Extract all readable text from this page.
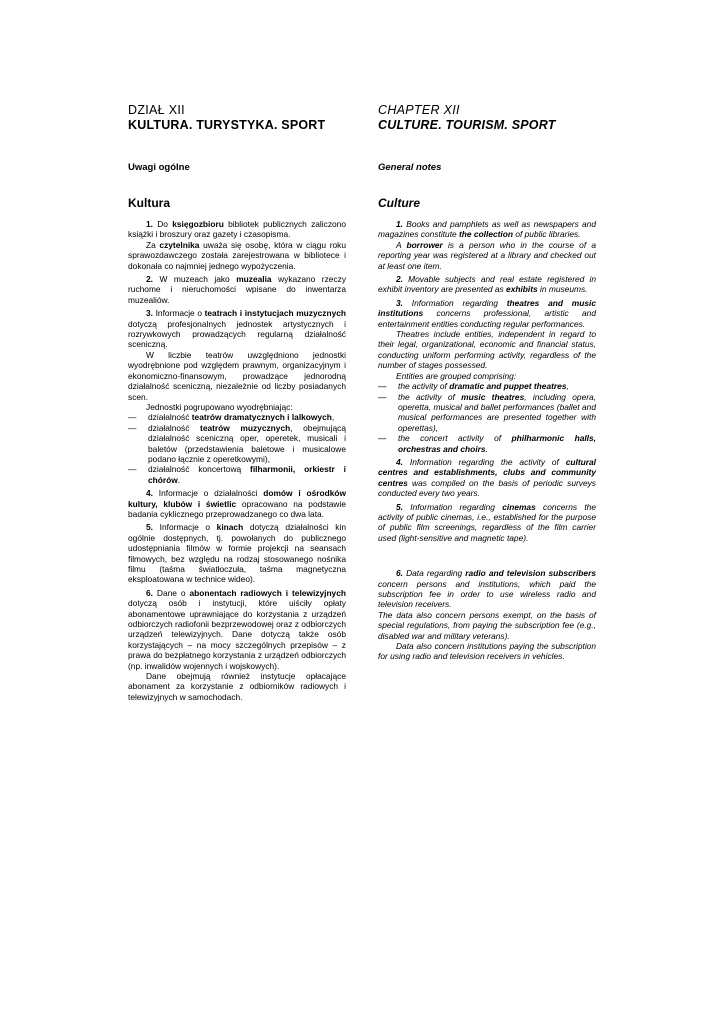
DZIAŁ XII
KULTURA. TURYSTYKA. SPORT
Uwagi ogólne
Kultura

1. Do księgozbioru bibliotek publicznych zaliczono książki i broszury oraz gazety i czasopisma.

Za czytelnika uważa się osobę, która w ciągu roku sprawozdawczego została zarejestrowana w bibliotece i dokonała co najmniej jednego wypożyczenia.

2. W muzeach jako muzealia wykazano rzeczy ruchome i nieruchomości wpisane do inwentarza muzealiów.

3. Informacje o teatrach i instytucjach muzycznych dotyczą profesjonalnych jednostek artystycznych i rozrywkowych prowadzących regularną działalność sceniczną.

W liczbie teatrów uwzględniono jednostki wyodrębnione pod względem prawnym, organizacyjnym i ekonomiczno-finansowym, prowadzące jednorodną działalność sceniczną, niezależnie od liczby posiadanych scen.

Jednostki pogrupowano wyodrębniając:

— działalność teatrów dramatycznych i lalkowych,
— działalność teatrów muzycznych, obejmującą działalność sceniczną oper, operetek, musicali i baletów (przedstawienia baletowe i musicalowe podano łącznie z operetkowymi),
— działalność koncertową filharmonii, orkiestr i chórów.

4. Informacje o działalności domów i ośrodków kultury, klubów i świetlic opracowano na podstawie badania cyklicznego przeprowadzanego co dwa lata.

5. Informacje o kinach dotyczą działalności kin ogólnie dostępnych, tj. powołanych do publicznego udostępniania filmów w formie projekcji na seansach filmowych, bez względu na rodzaj stosowanego nośnika filmu (taśma światłoczuła, taśma magnetyczna eksploatowana w technice wideo).

6. Dane o abonentach radiowych i telewizyjnych dotyczą osób i instytucji, które uiściły opłaty abonamentowe uprawniające do korzystania z urządzeń odbiorczych radiofonii bezprzewodowej oraz z odbiorczych urządzeń telewizyjnych. Dane dotyczą także osób korzystających – na mocy szczególnych przepisów – z prawa do bezpłatnego korzystania z urządzeń odbiorczych (np. inwalidów wojennych i wojskowych).

Dane obejmują również instytucje opłacające abonament za korzystanie z odbiorników radiowych i telewizyjnych w samochodach.

CHAPTER XII
CULTURE. TOURISM. SPORT
General notes
Culture

1. Books and pamphlets as well as newspapers and magazines constitute the collection of public libraries.

A borrower is a person who in the course of a reporting year was registered at a library and checked out at least one item.

2. Movable subjects and real estate registered in exhibit inventory are presented as exhibits in museums.

3. Information regarding theatres and music institutions concerns professional, artistic and entertainment entities conducting regular performances.

Theatres include entities, independent in regard to their legal, organizational, economic and financial status, conducting uniform performing activity, regardless of the number of stages possessed.

Entities are grouped comprising:

— the activity of dramatic and puppet theatres,
— the activity of music theatres, including opera, operetta, musical and ballet performances (ballet and musical performances are presented together with operettas),
— the concert activity of philharmonic halls, orchestras and choirs.

4. Information regarding the activity of cultural centres and establishments, clubs and community centres was compiled on the basis of periodic surveys conducted every two years.

5. Information regarding cinemas concerns the activity of public cinemas, i.e., established for the purpose of public film screenings, regardless of the film carrier used (light-sensitive and magnetic tape).

6. Data regarding radio and television subscribers concern persons and institutions, which paid the subscription fee in order to use wireless radio and television receivers.

The data also concern persons exempt, on the basis of special regulations, from paying the subscription fee (e.g., disabled war and military veterans).

Data also concern institutions paying the subscription for using radio and television receivers in vehicles.
